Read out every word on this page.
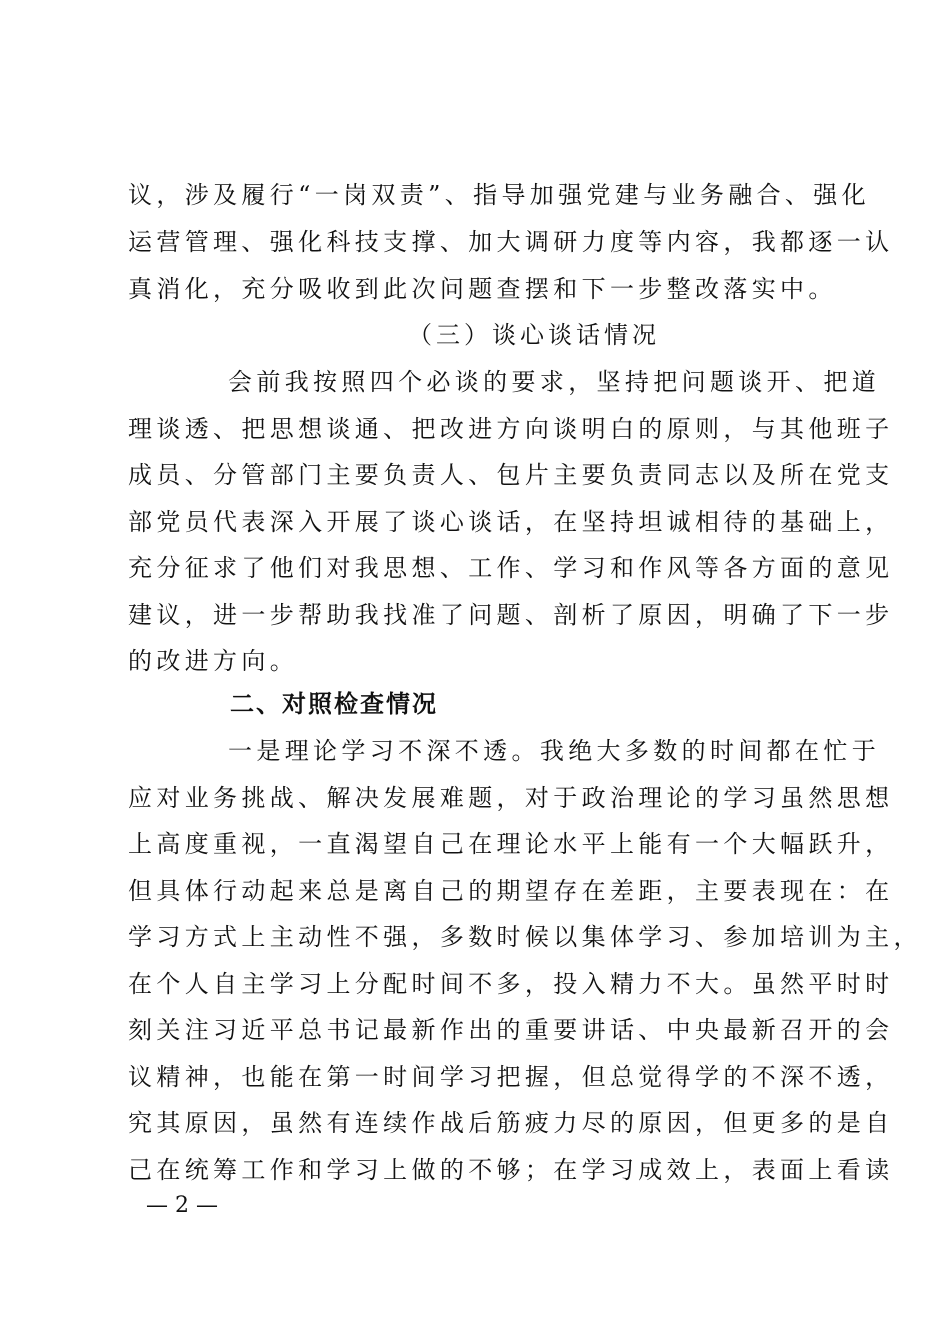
议，涉及履行“一岗双责”、指导加强党建与业务融合、强化
运营管理、强化科技支撑、加大调研力度等内容，我都逐一认
真消化，充分吸收到此次问题查摆和下一步整改落实中。
（三）谈心谈话情况
会前我按照四个必谈的要求，坚持把问题谈开、把道
理谈透、把思想谈通、把改进方向谈明白的原则，与其他班子
成员、分管部门主要负责人、包片主要负责同志以及所在党支
部党员代表深入开展了谈心谈话，在坚持坦诚相待的基础上，
充分征求了他们对我思想、工作、学习和作风等各方面的意见
建议，进一步帮助我找准了问题、剖析了原因，明确了下一步
的改进方向。
二、对照检查情况
一是理论学习不深不透。我绝大多数的时间都在忙于
应对业务挑战、解决发展难题，对于政治理论的学习虽然思想
上高度重视，一直渴望自己在理论水平上能有一个大幅跃升，
但具体行动起来总是离自己的期望存在差距，主要表现在：在
学习方式上主动性不强，多数时候以集体学习、参加培训为主，
在个人自主学习上分配时间不多，投入精力不大。虽然平时时
刻关注习近平总书记最新作出的重要讲话、中央最新召开的会
议精神，也能在第一时间学习把握，但总觉得学的不深不透，
究其原因，虽然有连续作战后筋疲力尽的原因，但更多的是自
己在统筹工作和学习上做的不够；在学习成效上，表面上看读
— 2 —
